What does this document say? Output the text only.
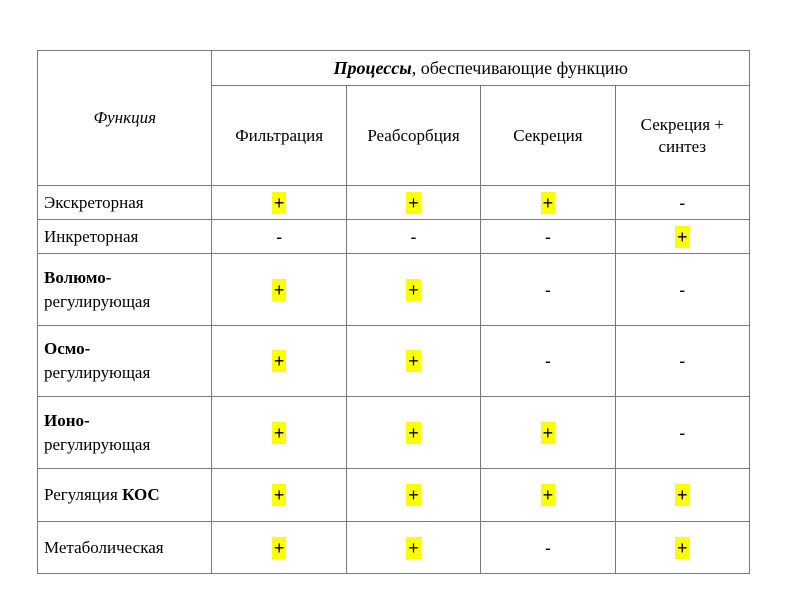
Функция	Процессы, обеспечивающие функцию			
	Фильтрация	Реабсорбция	Секреция	Секреция + синтез
Экскреторная	+	+	+	-
Инкреторная	-	-	-	+
Волюмо-
регулирующая	+	+	-	-
Осмо-
регулирующая	+	+	-	-
Ионо-
регулирующая	+	+	+	-
Регуляция КОС	+	+	+	+
Метаболическая	+	+	-	+
